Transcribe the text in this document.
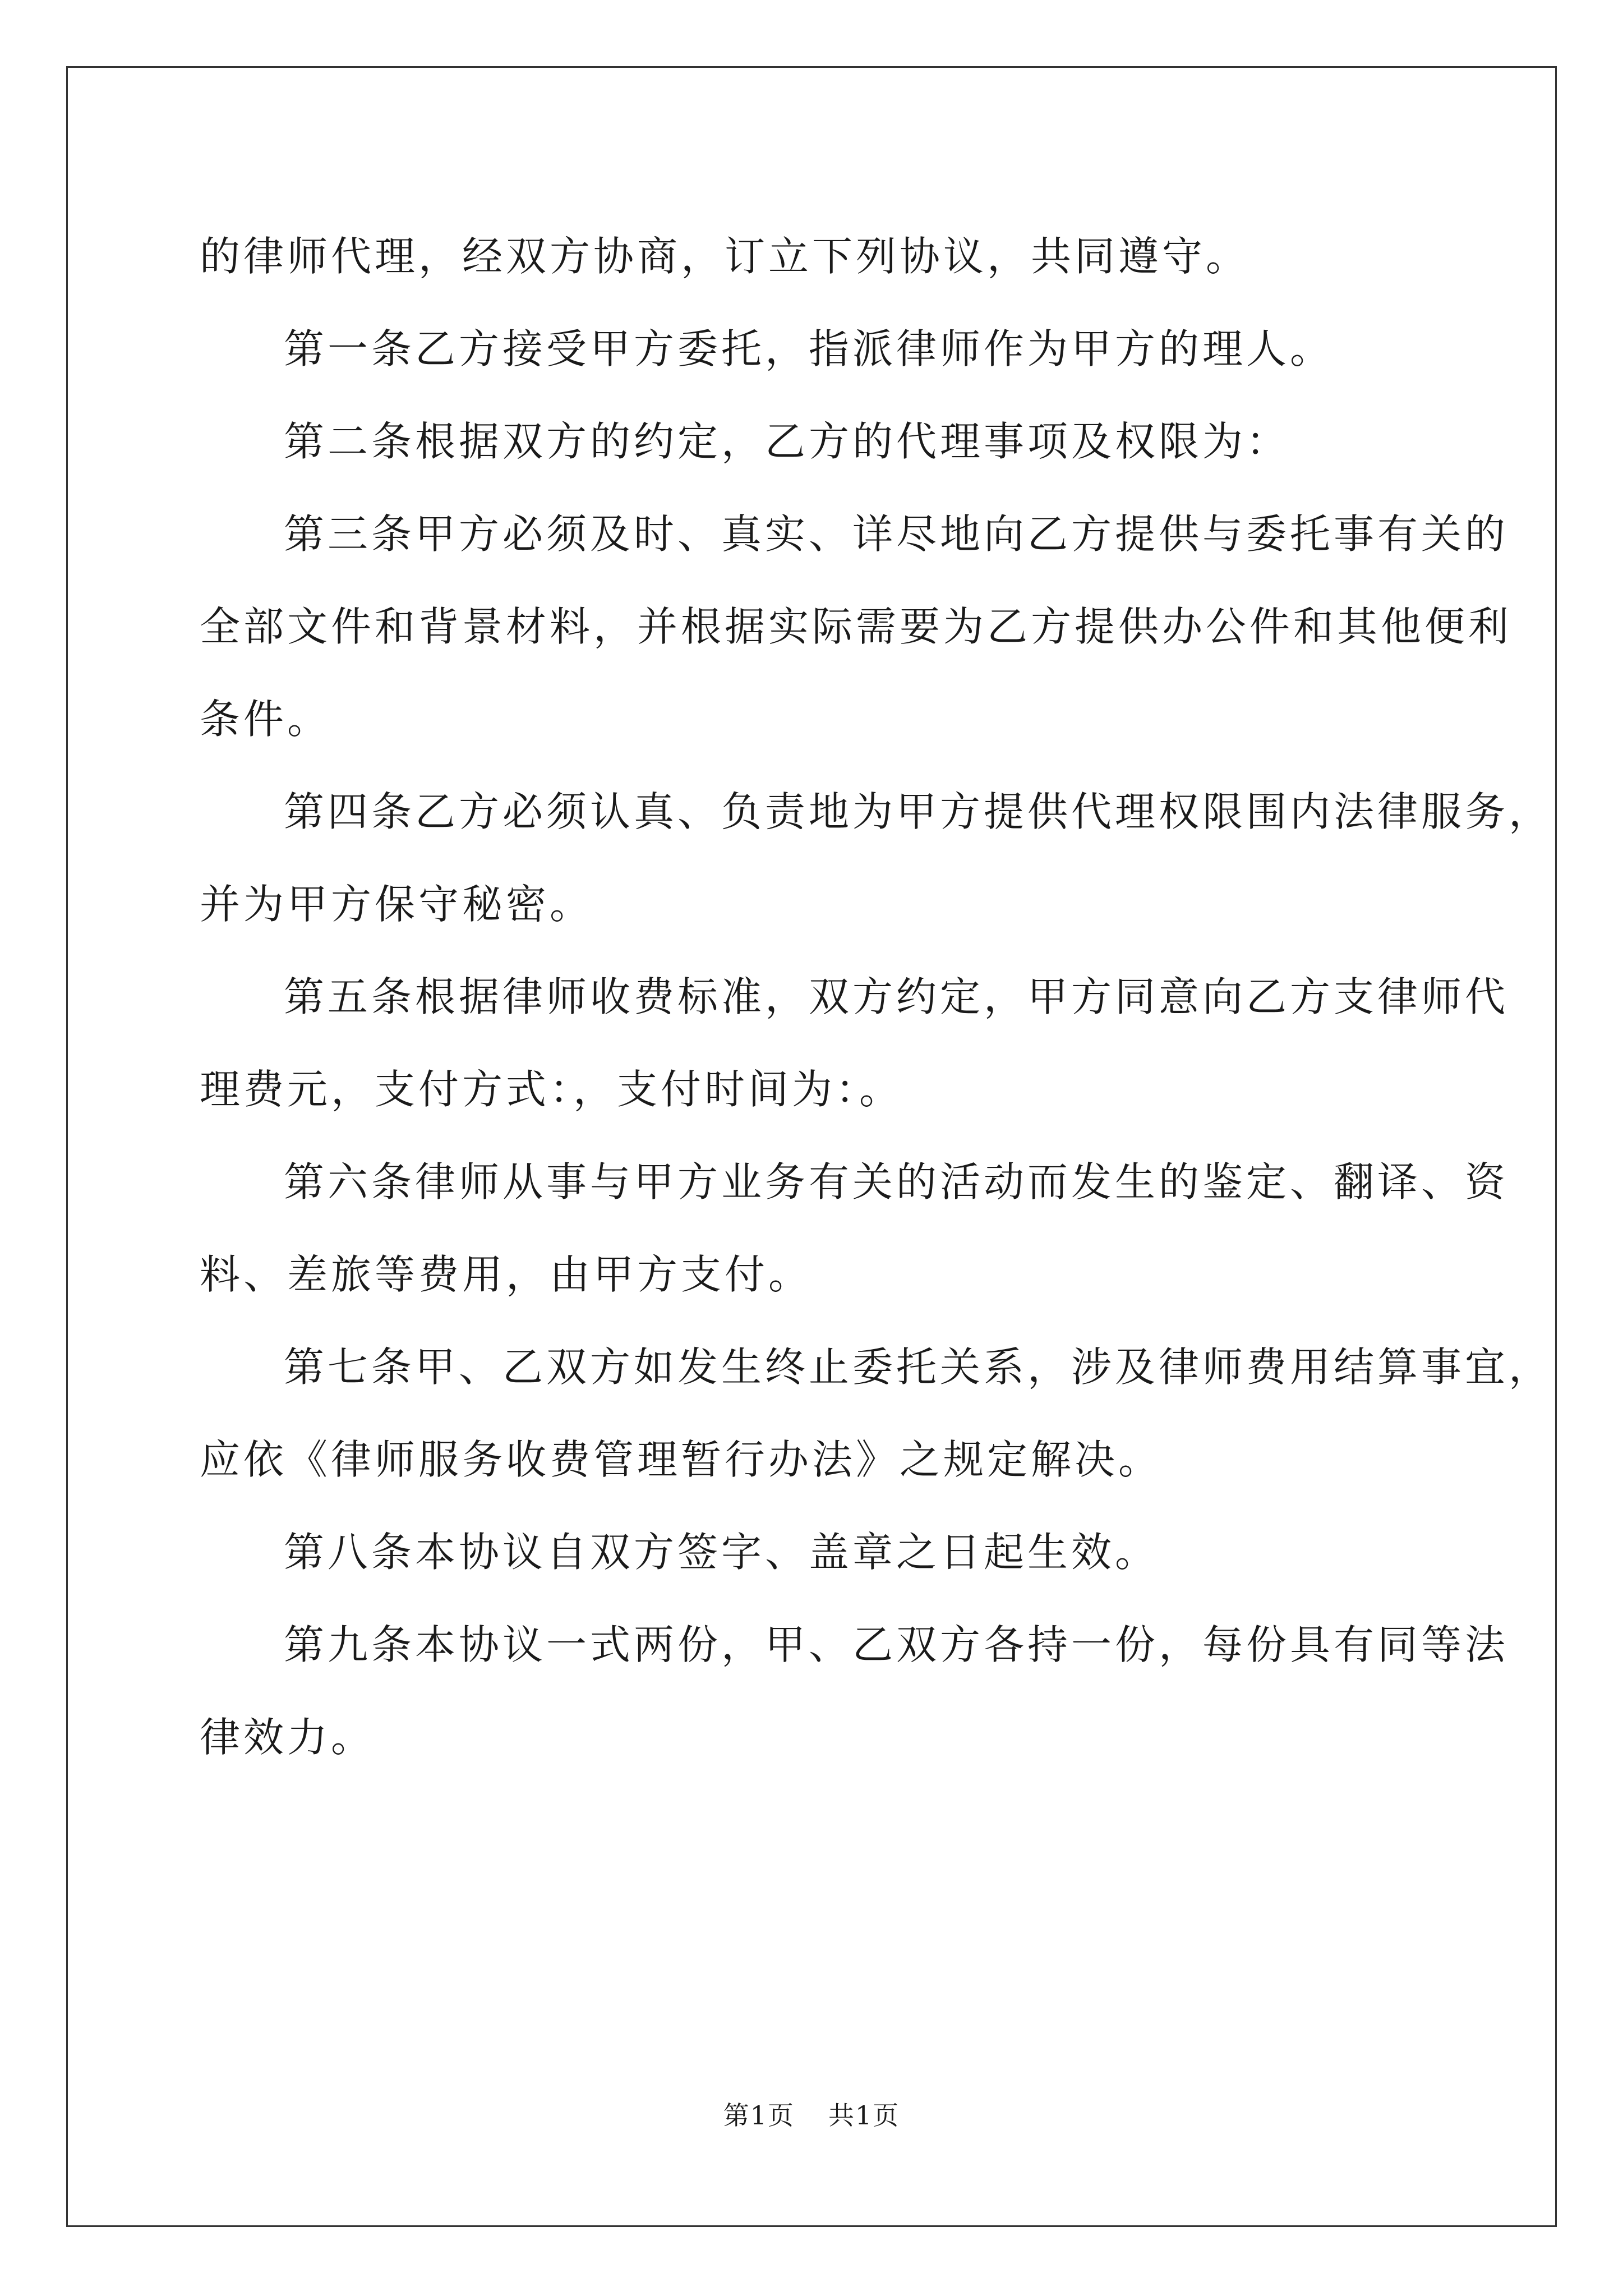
的律师代理，经双方协商，订立下列协议，共同遵守。

第一条乙方接受甲方委托，指派律师作为甲方的理人。

第二条根据双方的约定，乙方的代理事项及权限为：

第三条甲方必须及时、真实、详尽地向乙方提供与委托事有关的

全部文件和背景材料，并根据实际需要为乙方提供办公件和其他便利

条件。

第四条乙方必须认真、负责地为甲方提供代理权限围内法律服务，

并为甲方保守秘密。

第五条根据律师收费标准，双方约定，甲方同意向乙方支律师代

理费元，支付方式：，支付时间为：。

第六条律师从事与甲方业务有关的活动而发生的鉴定、翻译、资

料、差旅等费用，由甲方支付。

第七条甲、乙双方如发生终止委托关系，涉及律师费用结算事宜，

应依《律师服务收费管理暂行办法》之规定解决。

第八条本协议自双方签字、盖章之日起生效。

第九条本协议一式两份，甲、乙双方各持一份，每份具有同等法

律效力。

第1页 共1页
